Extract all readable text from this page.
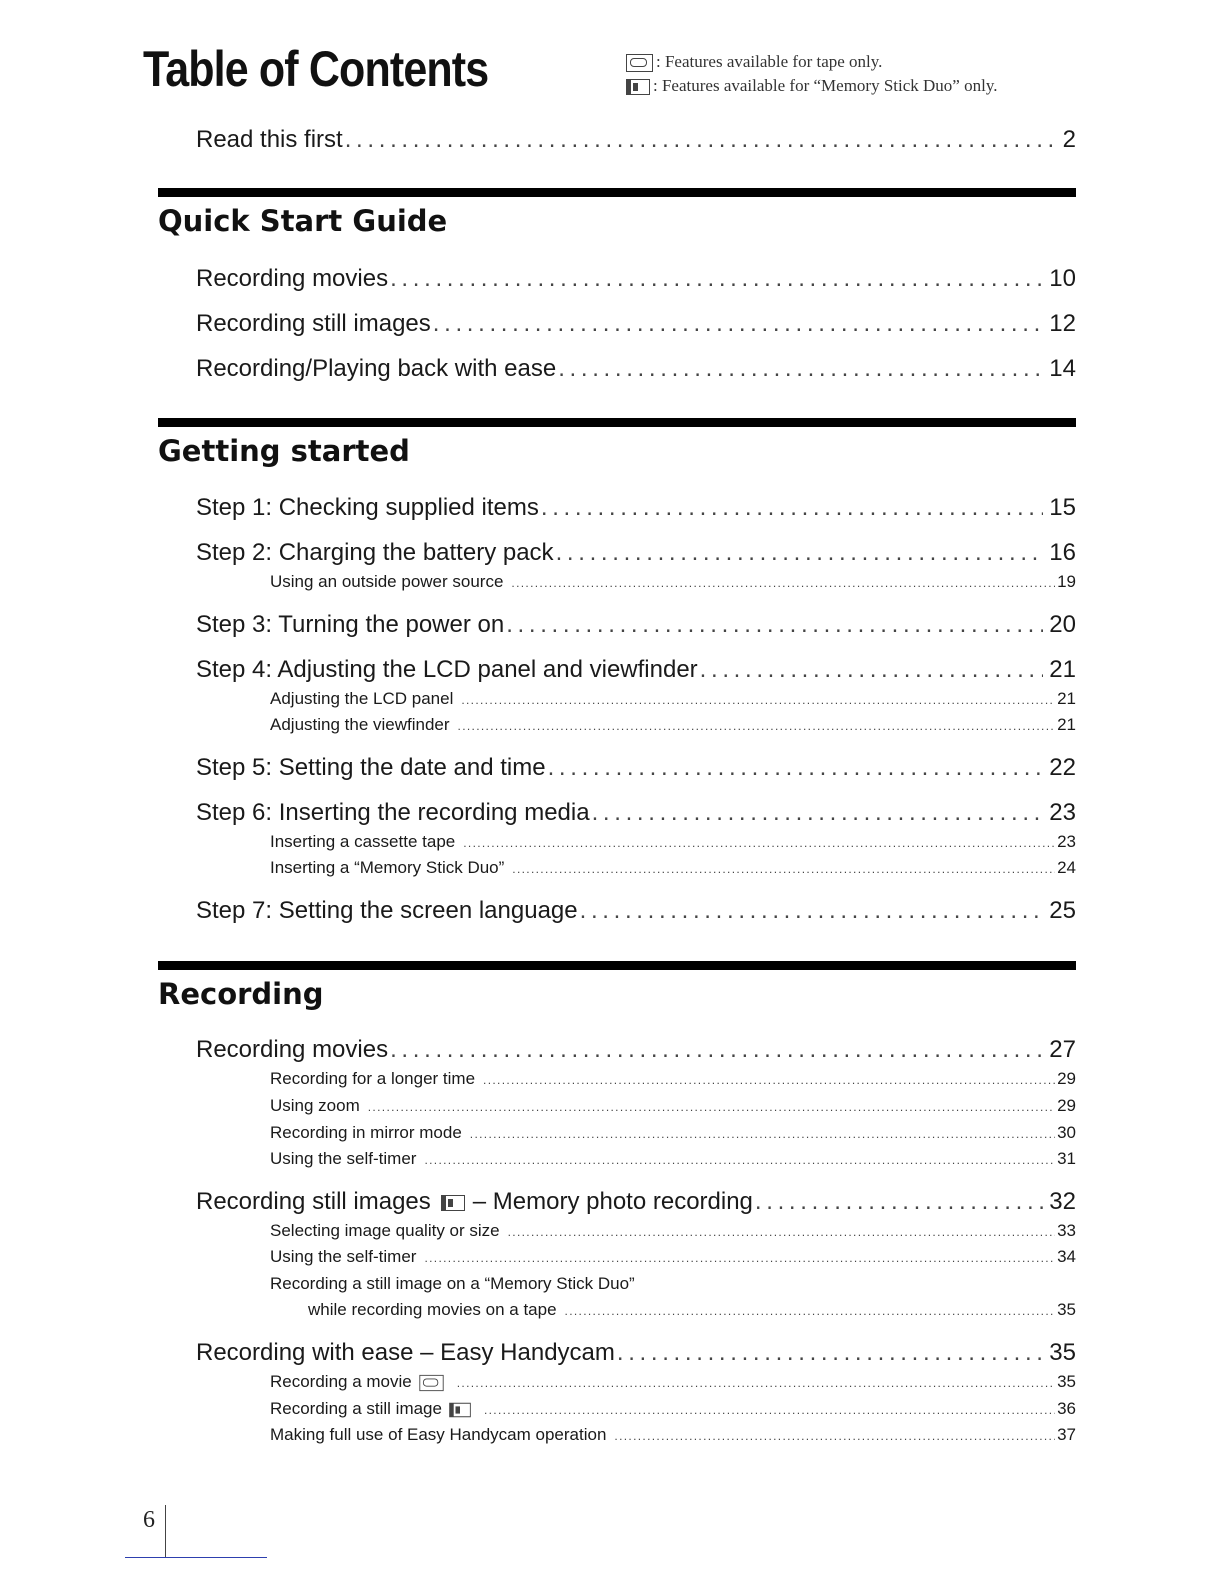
Table of Contents	: Features available for tape only.
: Features available for “Memory Stick Duo” only.
Read this first . . .	2
Quick Start Guide
Recording movies . . .	10
Recording still images . . .	12
Recording/Playing back with ease . . .	14
Getting started
Step 1: Checking supplied items . . .	15
Step 2: Charging the battery pack . . .	16
Using an outside power source . . .	19
Step 3: Turning the power on . . .	20
Step 4: Adjusting the LCD panel and viewfinder . . .	21
Adjusting the LCD panel . . .	21
Adjusting the viewfinder . . .	21
Step 5: Setting the date and time . . .	22
Step 6: Inserting the recording media . . .	23
Inserting a cassette tape . . .	23
Inserting a “Memory Stick Duo” . . .	24
Step 7: Setting the screen language . . .	25
Recording
Recording movies . . .	27
Recording for a longer time . . .	29
Using zoom . . .	29
Recording in mirror mode . . .	30
Using the self-timer . . .	31
Recording still images – Memory photo recording . . .	32
Selecting image quality or size . . .	33
Using the self-timer . . .	34
Recording a still image on a “Memory Stick Duo”
while recording movies on a tape . . .	35
Recording with ease – Easy Handycam . . .	35
Recording a movie . . .	35
Recording a still image . . .	36
Making full use of Easy Handycam operation . . .	37
6
